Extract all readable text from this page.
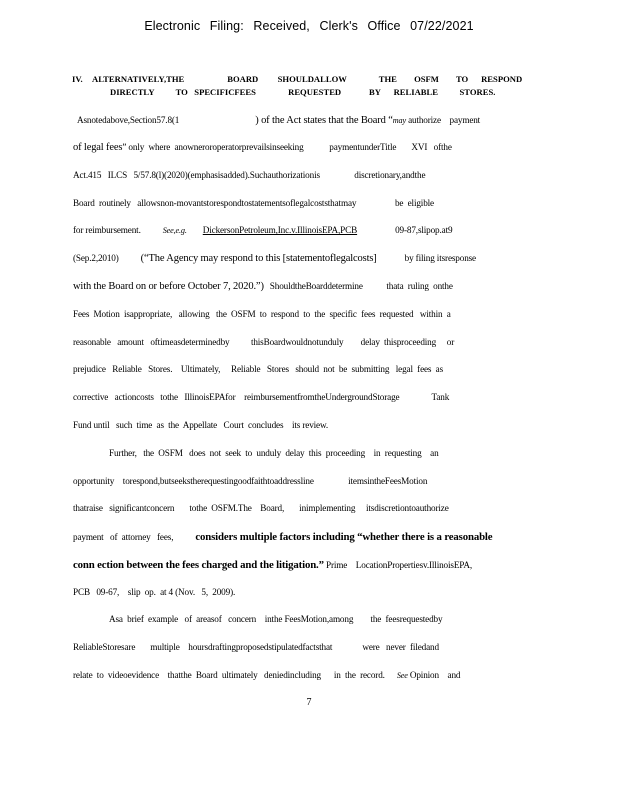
Electronic Filing: Received, Clerk's Office 07/22/2021
IV. ALTERNATIVELY,THE                    BOARD         SHOULDALLOW               THE        OSFM        TO      RESPOND
DIRECTLY          TO   SPECIFICFEES               REQUESTED             BY      RELIABLE          STORES.
Asnotedabove,Section57.8(1	) of the Act states that the Board “may authorize    payment
of legal fees” only  where  anowneroroperatorprevailsinseeking            paymentunderTitle       XVI   ofthe
Act.415   ILCS   5/57.8(l)(2020)(emphasisadded).Suchauthorizationis                discretionary,andthe
Board  routinely   allowsnon-movantstorespondtostatementsoflegalcoststhatmay                  be  eligible
for reimbursement.	See,e.g. DickersonPetroleum,Inc.v.IllinoisEPA,PCB	09-87,slipop.at9
(Sep.2,2010) (“The Agency may respond to this [statementoflegalcosts]	by filing itsresponse
with the Board on or before October 7, 2020.”) ShouldtheBoarddetermine           thata  ruling  onthe
Fees  Motion  isappropriate,   allowing   the  OSFM  to  respond  to  the  specific  fees  requested   within  a
reasonable   amount   oftimeasdeterminedby          thisBoardwouldnotunduly        delay  thisproceeding     or
prejudice   Reliable   Stores.    Ultimately,     Reliable   Stores   should  not  be  submitting   legal  fees  as
corrective   actioncosts   tothe   IllinoisEPAfor    reimbursementfromtheUndergroundStorage               Tank
Fund until   such  time  as  the  Appellate   Court  concludes    its review.
Further,   the  OSFM   does  not  seek  to  unduly  delay  this  proceeding    in  requesting    an
opportunity    torespond,butseekstherequestingoodfaithtoaddressline                itemsintheFeesMotion
thatraise   significantconcern       tothe  OSFM.The    Board,       inimplementing     itsdiscretiontoauthorize
payment   of  attorney   fees, considers multiple factors including “whether there is a reasonable
conn ection between the fees charged and the litigation.” Prime    LocationPropertiesv.IllinoisEPA,
PCB   09-67,    slip  op.  at 4 (Nov.   5,  2009).
Asa  brief  example   of  areasof   concern    inthe FeesMotion,among        the  feesrequestedby
ReliableStoresare       multiple    hoursdraftingproposedstipulatedfactsthat              were   never  filedand
relate  to  videoevidence    thatthe  Board  ultimately   deniedincluding      in  the  record. See Opinion    and
7
